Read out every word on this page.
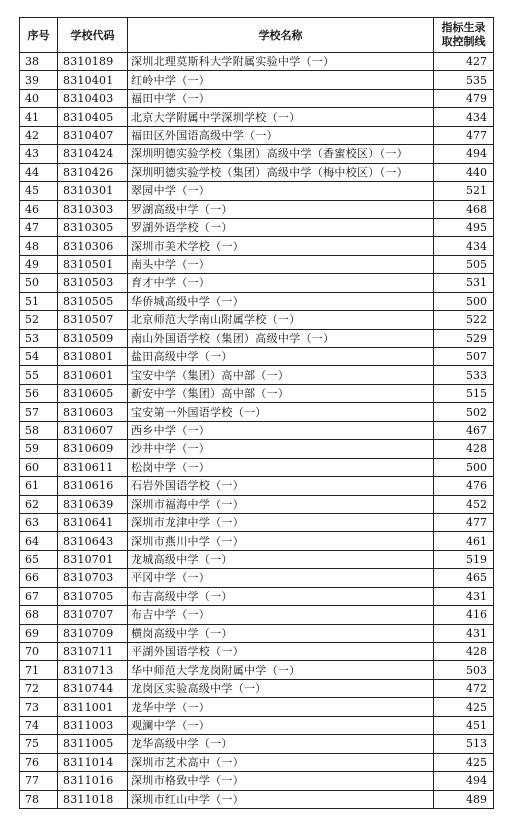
序号	学校代码	学校名称	指标生录
取控制线
38	8310189	深圳北理莫斯科大学附属实验中学（一）	427
39	8310401	红岭中学（一）	535
40	8310403	福田中学（一）	479
41	8310405	北京大学附属中学深圳学校（一）	434
42	8310407	福田区外国语高级中学（一）	477
43	8310424	深圳明德实验学校（集团）高级中学（香蜜校区）（一）	494
44	8310426	深圳明德实验学校（集团）高级中学（梅中校区）（一）	440
45	8310301	翠园中学（一）	521
46	8310303	罗湖高级中学（一）	468
47	8310305	罗湖外语学校（一）	495
48	8310306	深圳市美术学校（一）	434
49	8310501	南头中学（一）	505
50	8310503	育才中学（一）	531
51	8310505	华侨城高级中学（一）	500
52	8310507	北京师范大学南山附属学校（一）	522
53	8310509	南山外国语学校（集团）高级中学（一）	529
54	8310801	盐田高级中学（一）	507
55	8310601	宝安中学（集团）高中部（一）	533
56	8310605	新安中学（集团）高中部（一）	515
57	8310603	宝安第一外国语学校（一）	502
58	8310607	西乡中学（一）	467
59	8310609	沙井中学（一）	428
60	8310611	松岗中学（一）	500
61	8310616	石岩外国语学校（一）	476
62	8310639	深圳市福海中学（一）	452
63	8310641	深圳市龙津中学（一）	477
64	8310643	深圳市燕川中学（一）	461
65	8310701	龙城高级中学（一）	519
66	8310703	平冈中学（一）	465
67	8310705	布吉高级中学（一）	431
68	8310707	布吉中学（一）	416
69	8310709	横岗高级中学（一）	431
70	8310711	平湖外国语学校（一）	428
71	8310713	华中师范大学龙岗附属中学（一）	503
72	8310744	龙岗区实验高级中学（一）	472
73	8311001	龙华中学（一）	425
74	8311003	观澜中学（一）	451
75	8311005	龙华高级中学（一）	513
76	8311014	深圳市艺术高中（一）	425
77	8311016	深圳市格致中学（一）	494
78	8311018	深圳市红山中学（一）	489
